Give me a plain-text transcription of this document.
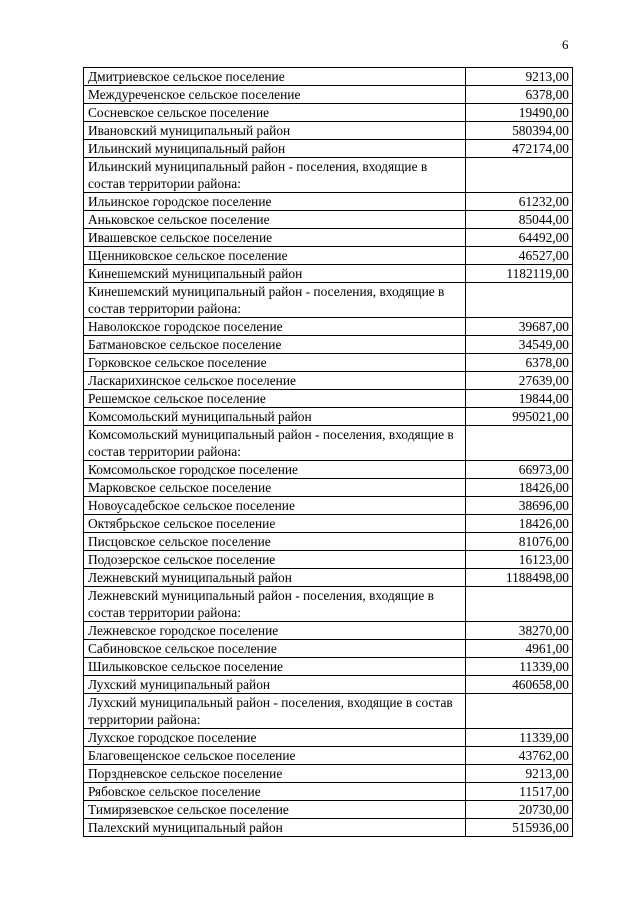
6
Дмитриевское сельское поселение	9213,00
Междуреченское сельское поселение	6378,00
Сосневское сельское поселение	19490,00
Ивановский муниципальный район	580394,00
Ильинский муниципальный район	472174,00
Ильинский муниципальный район - поселения, входящие в состав территории района:	
Ильинское городское поселение	61232,00
Аньковское сельское поселение	85044,00
Ивашевское сельское поселение	64492,00
Щенниковское сельское поселение	46527,00
Кинешемский муниципальный район	1182119,00
Кинешемский муниципальный район - поселения, входящие в состав территории района:	
Наволокское городское поселение	39687,00
Батмановское сельское поселение	34549,00
Горковское сельское поселение	6378,00
Ласкарихинское сельское поселение	27639,00
Решемское сельское поселение	19844,00
Комсомольский муниципальный район	995021,00
Комсомольский муниципальный район - поселения, входящие в состав территории района:	
Комсомольское городское поселение	66973,00
Марковское сельское поселение	18426,00
Новоусадебское сельское поселение	38696,00
Октябрьское сельское поселение	18426,00
Писцовское сельское поселение	81076,00
Подозерское сельское поселение	16123,00
Лежневский муниципальный район	1188498,00
Лежневский муниципальный район - поселения, входящие в состав территории района:	
Лежневское городское поселение	38270,00
Сабиновское сельское поселение	4961,00
Шилыковское сельское поселение	11339,00
Лухский муниципальный район	460658,00
Лухский муниципальный район - поселения, входящие в состав территории района:	
Лухское городское поселение	11339,00
Благовещенское сельское поселение	43762,00
Порздневское сельское поселение	9213,00
Рябовское сельское поселение	11517,00
Тимирязевское сельское поселение	20730,00
Палехский муниципальный район	515936,00
